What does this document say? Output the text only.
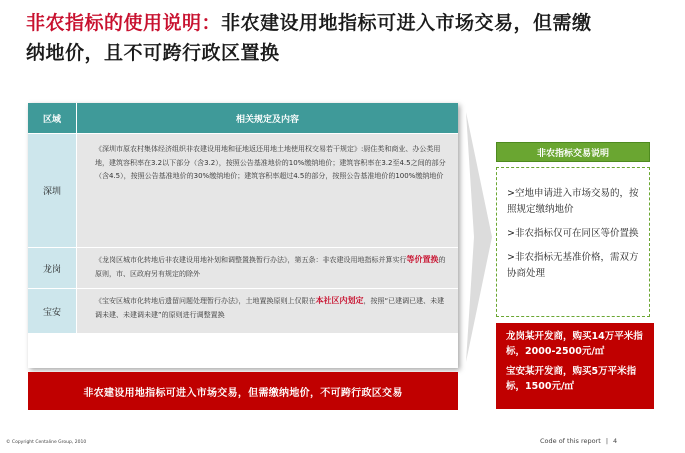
非农指标的使用说明：非农建设用地指标可进入市场交易，但需缴
纳地价，且不可跨行政区置换
区域	相关规定及内容
深圳
《深圳市原农村集体经济组织非农建设用地和征地返还用地土地使用权交易若干规定》:厨住类和商业、办公类用地，建筑容积率在3.2以下部分（含3.2），按照公告基准地价的10%缴纳地价；建筑容积率在3.2至4.5之间的部分（含4.5），按照公告基准地价的30%缴纳地价；建筑容积率超过4.5的部分，按照公告基准地价的100%缴纳地价
龙岗
《龙岗区城市化转地后非农建设用地补划和调整置换暂行办法》，第五条：非农建设用地指标并算实行等价置换的原则，市、区政府另有规定的除外
宝安
《宝安区城市化转地后遗留问题处理暂行办法》，土地置换原则上仅限在本社区内划定，按照“已建调已建、未建调未建、未建调未建”的原则进行调整置换
非农建设用地指标可进入市场交易，但需缴纳地价，不可跨行政区交易
非农指标交易说明

>空地申请进入市场交易的，按照规定缴纳地价

>非农指标仅可在同区等价置换

>非农指标无基准价格，需双方协商处理

龙岗某开发商，购买14万平米指标，2000-2500元/㎡

宝安某开发商，购买5万平米指标，1500元/㎡

© Copyright Centaline Group, 2010	Code of this report | 4
